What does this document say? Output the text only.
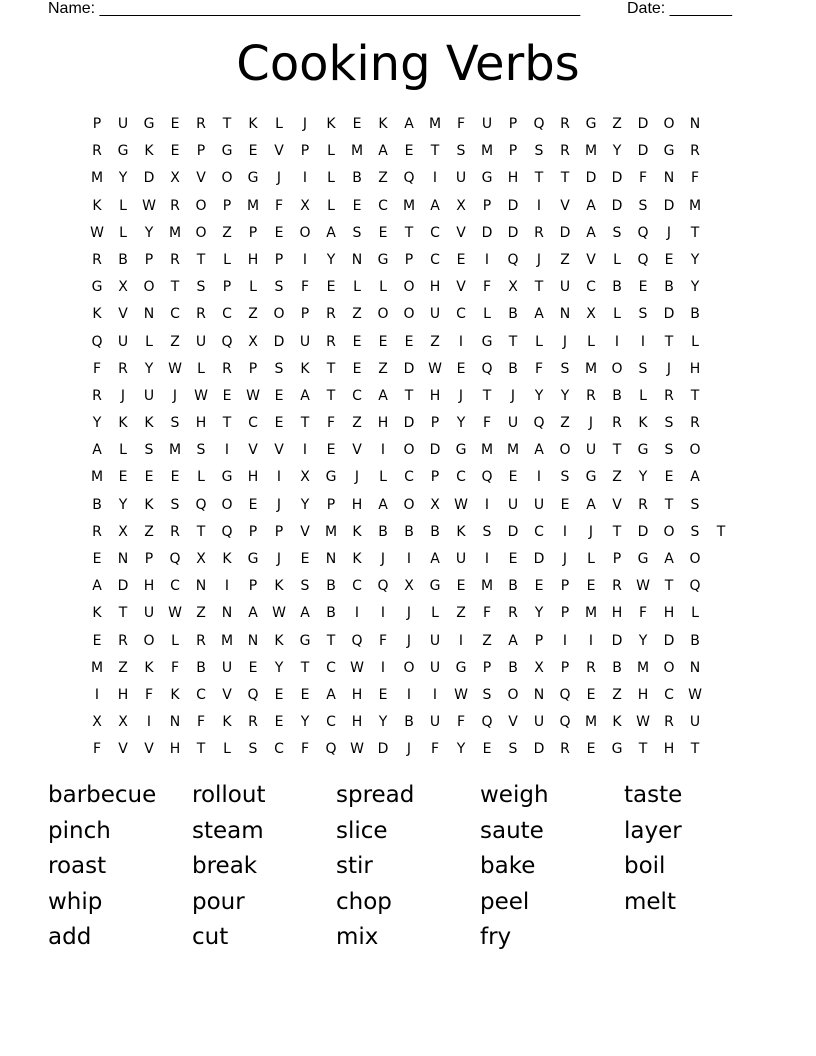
Name: ______________________________________________________	Date: _______
Cooking Verbs
P	U	G	E	R	T	K	L	J	K	E	K	A	M	F	U	P	Q	R	G	Z	D	O	N
R	G	K	E	P	G	E	V	P	L	M	A	E	T	S	M	P	S	R	M	Y	D	G	R
M	Y	D	X	V	O	G	J	I	L	B	Z	Q	I	U	G	H	T	T	D	D	F	N	F
K	L	W	R	O	P	M	F	X	L	E	C	M	A	X	P	D	I	V	A	D	S	D	M
W	L	Y	M	O	Z	P	E	O	A	S	E	T	C	V	D	D	R	D	A	S	Q	J	T
R	B	P	R	T	L	H	P	I	Y	N	G	P	C	E	I	Q	J	Z	V	L	Q	E	Y
G	X	O	T	S	P	L	S	F	E	L	L	O	H	V	F	X	T	U	C	B	E	B	Y
K	V	N	C	R	C	Z	O	P	R	Z	O	O	U	C	L	B	A	N	X	L	S	D	B
Q	U	L	Z	U	Q	X	D	U	R	E	E	E	Z	I	G	T	L	J	L	I	I	T	L
F	R	Y	W	L	R	P	S	K	T	E	Z	D W	E	Q	B	F	S	M	O	S	J	H
R	J	U	J	W	E	W	E	A	T	C	A	T	H	J	T	J	Y	Y	R	B	L	R	T
Y	K	K	S	H	T	C	E	T	F	Z	H	D	P	Y	F	U	Q	Z	J	R	K	S	R
A	L	S	M	S	I	V	V	I	E	V	I	O	D	G	M M	A	O	U	T	G	S	O
M	E	E	E	L	G	H	I	X	G	J	L	C	P	C	Q	E	I	S	G	Z	Y	E	A
B	Y	K	S	Q	O	E	J	Y	P	H	A	O	X	W	I	U	U	E	A	V	R	T	S
R	X	Z	R	T	Q	P	P	V	M	K	B	B	B	K	S	D	C	I	J	T	D	O	S	T
E	N	P	Q	X	K	G	J	E	N	K	J	I	A	U	I	E	D	J	L	P	G	A	O
A	D	H	C	N	I	P	K	S	B	C	Q	X	G	E	M	B	E	P	E	R	W	T	Q
K	T	U W	Z	N	A	W	A	B	I	I	J	L	Z	F	R	Y	P	M	H	F	H	L
E	R	O	L	R	M	N	K	G	T	Q	F	J	U	I	Z	A	P	I	I	D	Y	D	B
M	Z	K	F	B	U	E	Y	T	C	W	I	O	U	G	P	B	X	P	R	B	M	O	N
I	H	F	K	C	V	Q	E	E	A	H	E	I	I	W	S	O	N	Q	E	Z	H	C	W
X	X	I	N	F	K	R	E	Y	C	H	Y	B	U	F	Q	V	U	Q	M	K	W	R	U
F	V	V	H	T	L	S	C	F	Q W D	J	F	Y	E	S	D	R	E	G	T	H	T
barbecue	rollout	spread	weigh	taste
pinch	steam	slice	saute	layer
roast	break	stir	bake	boil
whip	pour	chop	peel	melt
add	cut	mix	fry
